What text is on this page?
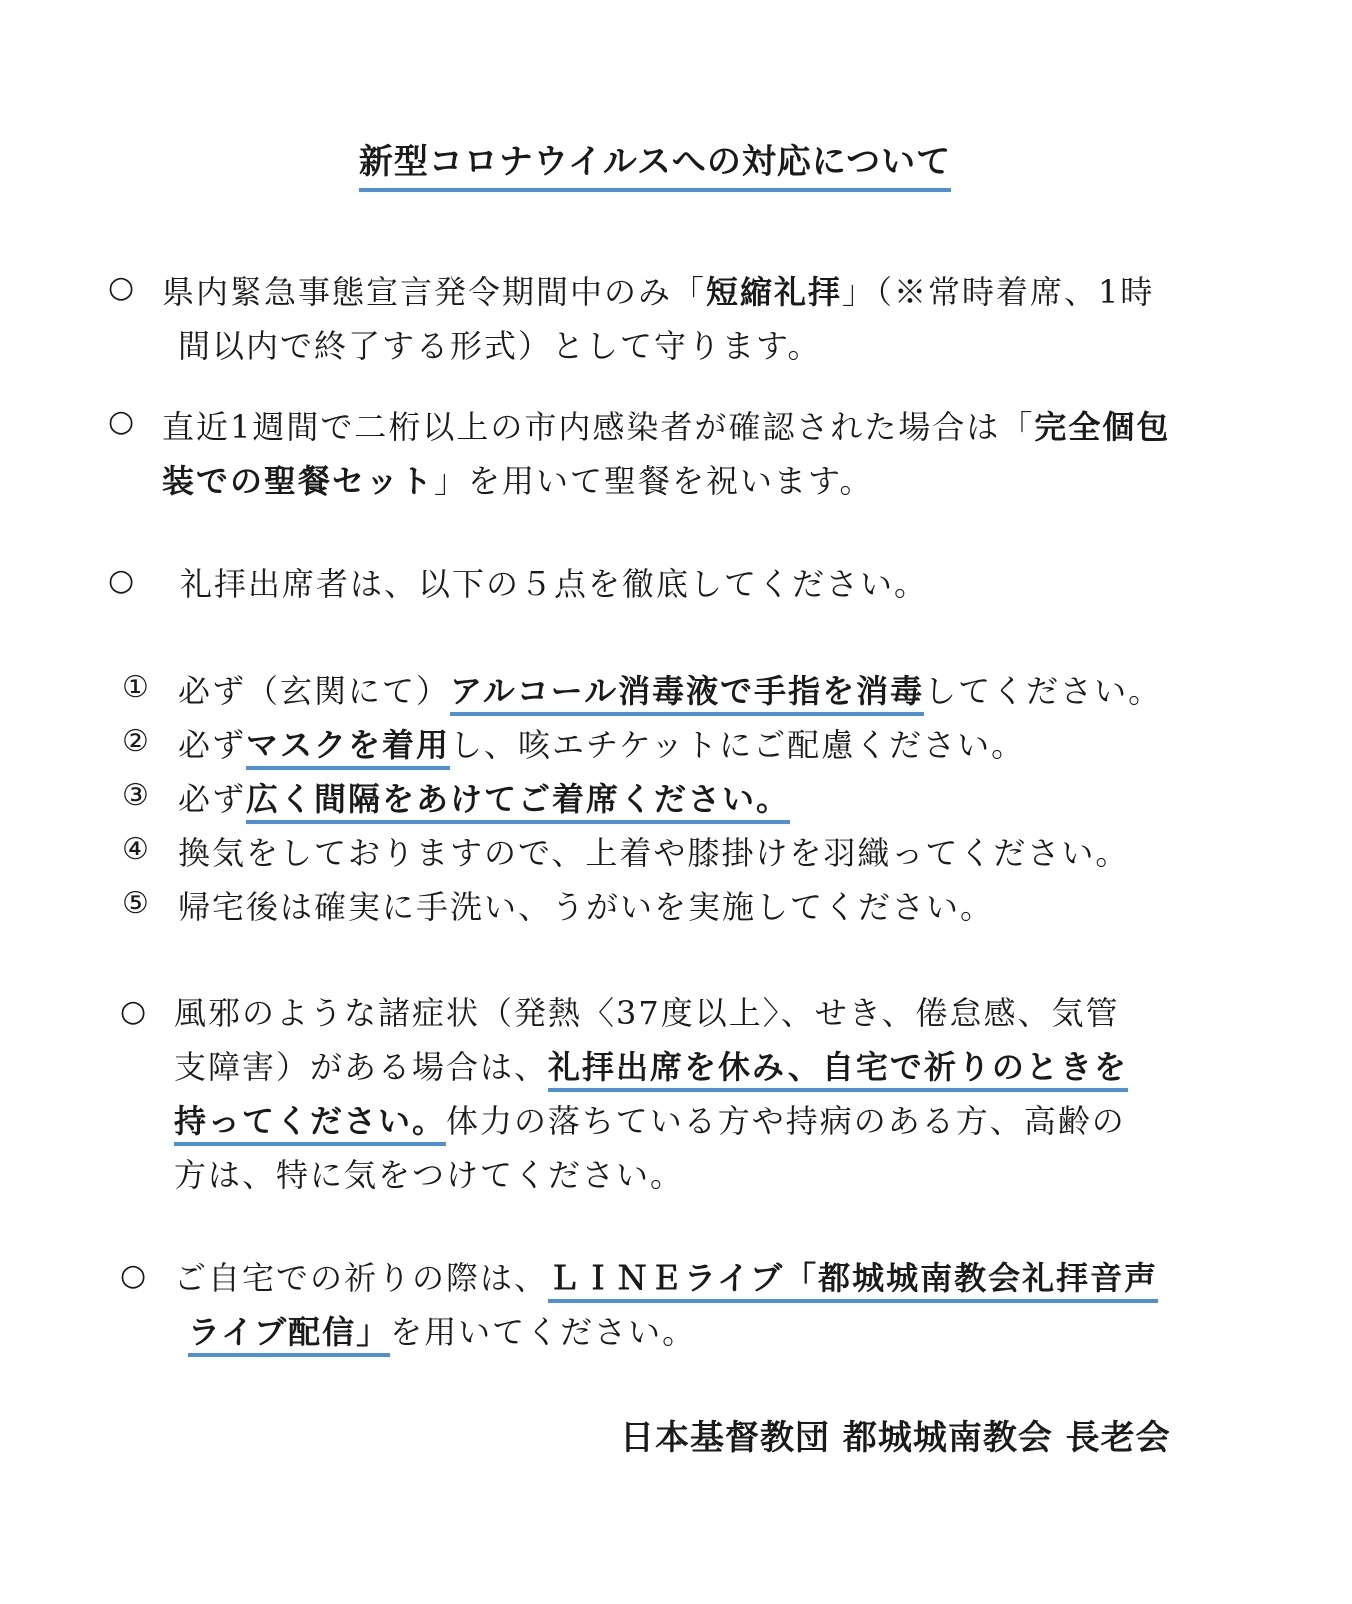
新型コロナウイルスへの対応について
○ 県内緊急事態宣言発令期間中のみ「短縮礼拝」（※常時着席、1時
間以内で終了する形式）として守ります。
○ 直近1週間で二桁以上の市内感染者が確認された場合は「完全個包
装での聖餐セット」を用いて聖餐を祝います。
○ 礼拝出席者は、以下の５点を徹底してください。
① 必ず（玄関にて）アルコール消毒液で手指を消毒してください。
② 必ずマスクを着用し、咳エチケットにご配慮ください。
③ 必ず広く間隔をあけてご着席ください。
④ 換気をしておりますので、上着や膝掛けを羽織ってください。
⑤ 帰宅後は確実に手洗い、うがいを実施してください。
○ 風邪のような諸症状（発熱〈37度以上〉、せき、倦怠感、気管
支障害）がある場合は、礼拝出席を休み、自宅で祈りのときを
持ってください。体力の落ちている方や持病のある方、高齢の
方は、特に気をつけてください。
○ ご自宅での祈りの際は、ＬＩＮＥライブ「都城城南教会礼拝音声
ライブ配信」を用いてください。
日本基督教団 都城城南教会 長老会
